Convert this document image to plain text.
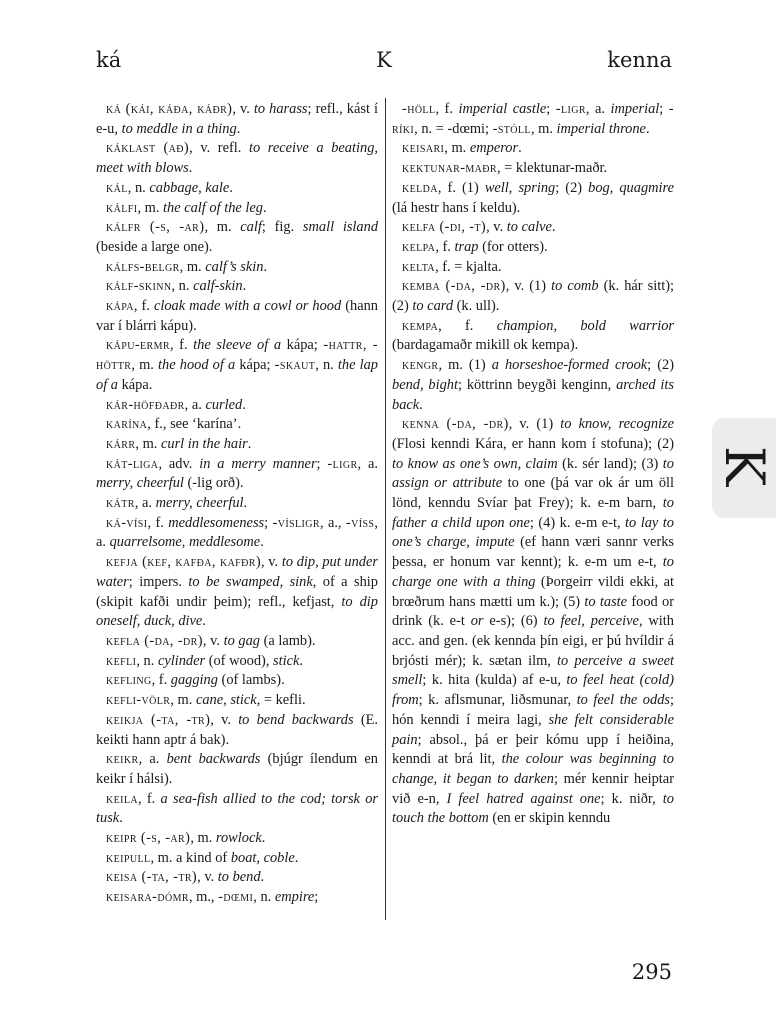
ká	K	kenna

ká (kái, káða, káðr), v. to harass; refl., kást í e-u, to meddle in a thing.

káklast (að), v. refl. to receive a beating, meet with blows.

kál, n. cabbage, kale.

kálfi, m. the calf of the leg.

kálfr (-s, -ar), m. calf; fig. small island (beside a large one).

kálfs-belgr, m. calf’s skin.

kálf-skinn, n. calf-skin.

kápa, f. cloak made with a cowl or hood (hann var í blárri kápu).

kápu-ermr, f. the sleeve of a kápa; -hattr, -höttr, m. the hood of a kápa; -skaut, n. the lap of a kápa.

kár-höfðaðr, a. curled.

karína, f., see ‘karína’.

kárr, m. curl in the hair.

kát-liga, adv. in a merry manner; -ligr, a. merry, cheerful (-lig orð).

kátr, a. merry, cheerful.

ká-vísi, f. meddlesomeness; -vísligr, a., -víss, a. quarrelsome, meddlesome.

kefja (kef, kafða, kafðr), v. to dip, put under water; impers. to be swamped, sink, of a ship (skipit kafði undir þeim); refl., kefjast, to dip oneself, duck, dive.

kefla (-da, -dr), v. to gag (a lamb).

kefli, n. cylinder (of wood), stick.

kefling, f. gagging (of lambs).

kefli-völr, m. cane, stick, = kefli.

keikja (-ta, -tr), v. to bend backwards (E. keikti hann aptr á bak).

keikr, a. bent backwards (bjúgr ílendum en keikr í hálsi).

keila, f. a sea-fish allied to the cod; torsk or tusk.

keipr (-s, -ar), m. rowlock.

keipull, m. a kind of boat, coble.

keisa (-ta, -tr), v. to bend.

keisara-dómr, m., -dœmi, n. empire;

-höll, f. imperial castle; -ligr, a. imperial; -ríki, n. = -dœmi; -stóll, m. imperial throne.

keisari, m. emperor.

kektunar-maðr, = klektunar-maðr.

kelda, f. (1) well, spring; (2) bog, quagmire (lá hestr hans í keldu).

kelfa (-di, -t), v. to calve.

kelpa, f. trap (for otters).

kelta, f. = kjalta.

kemba (-da, -dr), v. (1) to comb (k. hár sitt); (2) to card (k. ull).

kempa, f. champion, bold warrior (bardagamaðr mikill ok kempa).

kengr, m. (1) a horseshoe-formed crook; (2) bend, bight; köttrinn beygði kenginn, arched its back.

kenna (-da, -dr), v. (1) to know, recognize (Flosi kenndi Kára, er hann kom í stofuna); (2) to know as one’s own, claim (k. sér land); (3) to assign or attribute to one (þá var ok ár um öll lönd, kenndu Svíar þat Frey); k. e-m barn, to father a child upon one; (4) k. e-m e-t, to lay to one’s charge, impute (ef hann væri sannr verks þessa, er honum var kennt); k. e-m um e-t, to charge one with a thing (Þorgeirr vildi ekki, at brœðrum hans mætti um k.); (5) to taste food or drink (k. e-t or e-s); (6) to feel, perceive, with acc. and gen. (ek kennda þín eigi, er þú hvíldir á brjósti mér); k. sætan ilm, to perceive a sweet smell; k. hita (kulda) af e-u, to feel heat (cold) from; k. aflsmunar, liðsmunar, to feel the odds; hón kenndi í meira lagi, she felt considerable pain; absol., þá er þeir kómu upp í heiðina, kenndi at brá lit, the colour was beginning to change, it began to darken; mér kennir heiptar við e-n, I feel hatred against one; k. niðr, to touch the bottom (en er skipin kenndu

K
295
